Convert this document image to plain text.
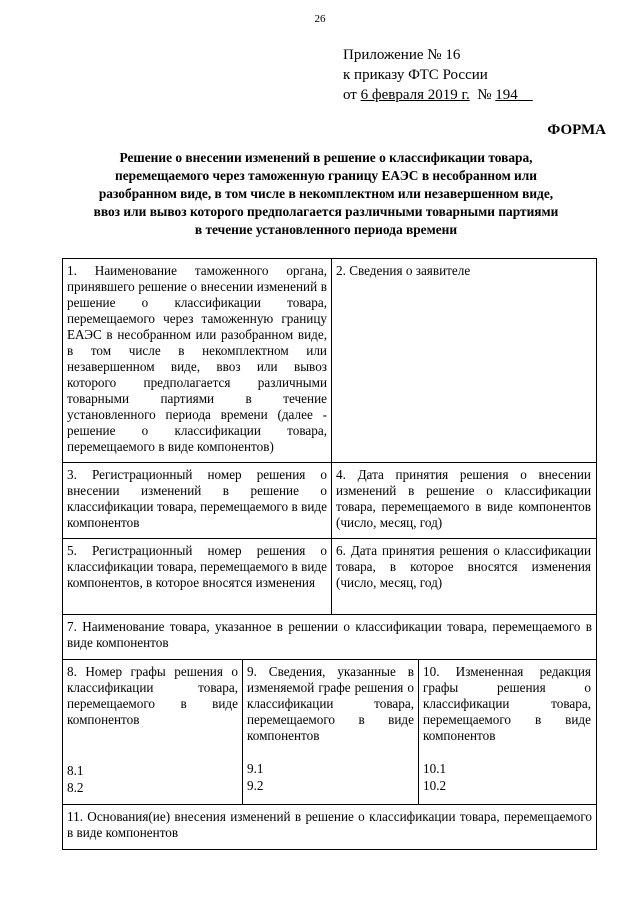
26
Приложение № 16
к приказу ФТС России
от 6 февраля 2019 г.  № 194
ФОРМА
Решение о внесении изменений в решение о классификации товара, перемещаемого через таможенную границу ЕАЭС в несобранном или разобранном виде, в том числе в некомплектном или незавершенном виде, ввоз или вывоз которого предполагается различными товарными партиями в течение установленного периода времени
1. Наименование таможенного органа, принявшего решение о внесении изменений в решение о классификации товара, перемещаемого через таможенную границу ЕАЭС в несобранном или разобранном виде, в том числе в некомплектном или незавершенном виде, ввоз или вывоз которого предполагается различными товарными партиями в течение установленного периода времени (далее - решение о классификации товара, перемещаемого в виде компонентов)
2. Сведения о заявителе
3. Регистрационный номер решения о внесении изменений в решение о классификации товара, перемещаемого в виде компонентов
4. Дата принятия решения о внесении изменений в решение о классификации товара, перемещаемого в виде компонентов (число, месяц, год)
5. Регистрационный номер решения о классификации товара, перемещаемого в виде компонентов, в которое вносятся изменения
6. Дата принятия решения о классификации товара, в которое вносятся изменения (число, месяц, год)
7. Наименование товара, указанное в решении о классификации товара, перемещаемого в виде компонентов
8. Номер графы решения о классификации товара, перемещаемого в виде компонентов
8.1
8.2
9. Сведения, указанные в изменяемой графе решения о классификации товара, перемещаемого в виде компонентов
9.1
9.2
10. Измененная редакция графы решения о классификации товара, перемещаемого в виде компонентов
10.1
10.2
11. Основания(ие) внесения изменений в решение о классификации товара, перемещаемого в виде компонентов
